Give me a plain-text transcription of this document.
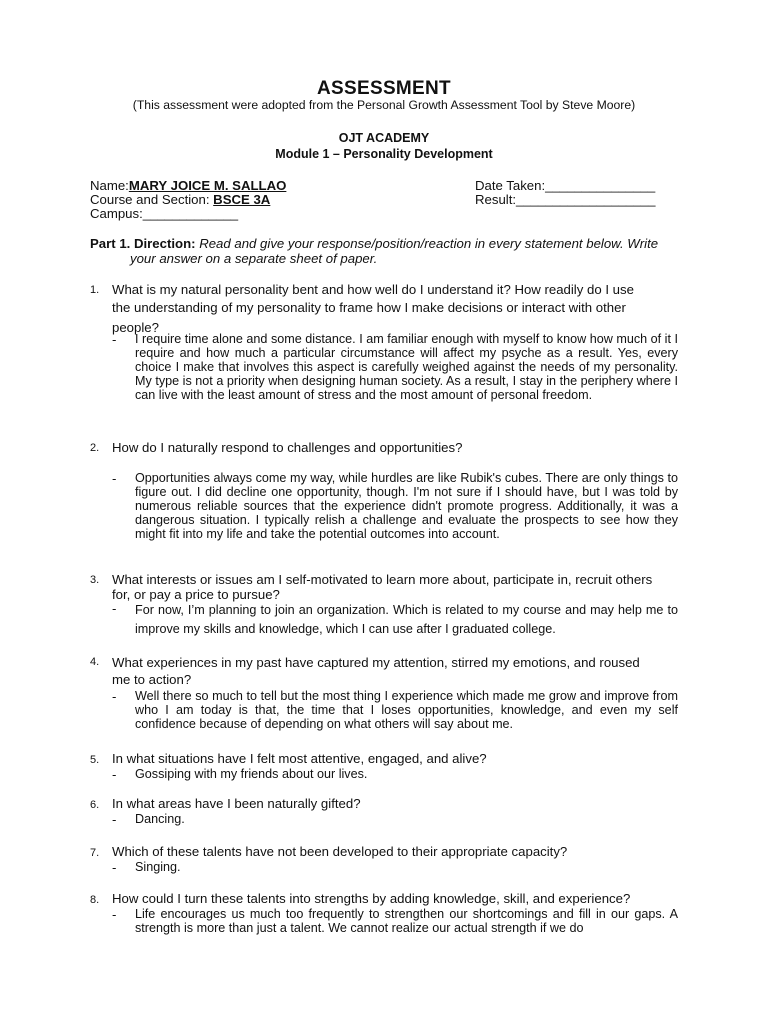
ASSESSMENT
(This assessment were adopted from the Personal Growth Assessment Tool by Steve Moore)
OJT ACADEMY
Module 1 – Personality Development
Name:MARY JOICE M. SALLAO
Course and Section: BSCE 3A
Campus:_____________
Date Taken:_______________
Result:___________________
Part 1. Direction: Read and give your response/position/reaction in every statement below. Write
your answer on a separate sheet of paper.
1. What is my natural personality bent and how well do I understand it? How readily do I use
the understanding of my personality to frame how I make decisions or interact with other
people?
- I require time alone and some distance. I am familiar enough with myself to know how much of it I require and how much a particular circumstance will affect my psyche as a result. Yes, every choice I make that involves this aspect is carefully weighed against the needs of my personality. My type is not a priority when designing human society. As a result, I stay in the periphery where I can live with the least amount of stress and the most amount of personal freedom.
2. How do I naturally respond to challenges and opportunities?
- Opportunities always come my way, while hurdles are like Rubik's cubes. There are only things to figure out. I did decline one opportunity, though. I'm not sure if I should have, but I was told by numerous reliable sources that the experience didn't promote progress. Additionally, it was a dangerous situation. I typically relish a challenge and evaluate the prospects to see how they might fit into my life and take the potential outcomes into account.
3. What interests or issues am I self-motivated to learn more about, participate in, recruit others
for, or pay a price to pursue?
- For now, I’m planning to join an organization. Which is related to my course and may help me to improve my skills and knowledge, which I can use after I graduated college.
4. What experiences in my past have captured my attention, stirred my emotions, and roused
me to action?
- Well there so much to tell but the most thing I experience which made me grow and improve from who I am today is that, the time that I loses opportunities, knowledge, and even my self confidence because of depending on what others will say about me.
5. In what situations have I felt most attentive, engaged, and alive?
- Gossiping with my friends about our lives.
6. In what areas have I been naturally gifted?
- Dancing.
7. Which of these talents have not been developed to their appropriate capacity?
- Singing.
8. How could I turn these talents into strengths by adding knowledge, skill, and experience?
- Life encourages us much too frequently to strengthen our shortcomings and fill in our gaps. A strength is more than just a talent. We cannot realize our actual strength if we do
